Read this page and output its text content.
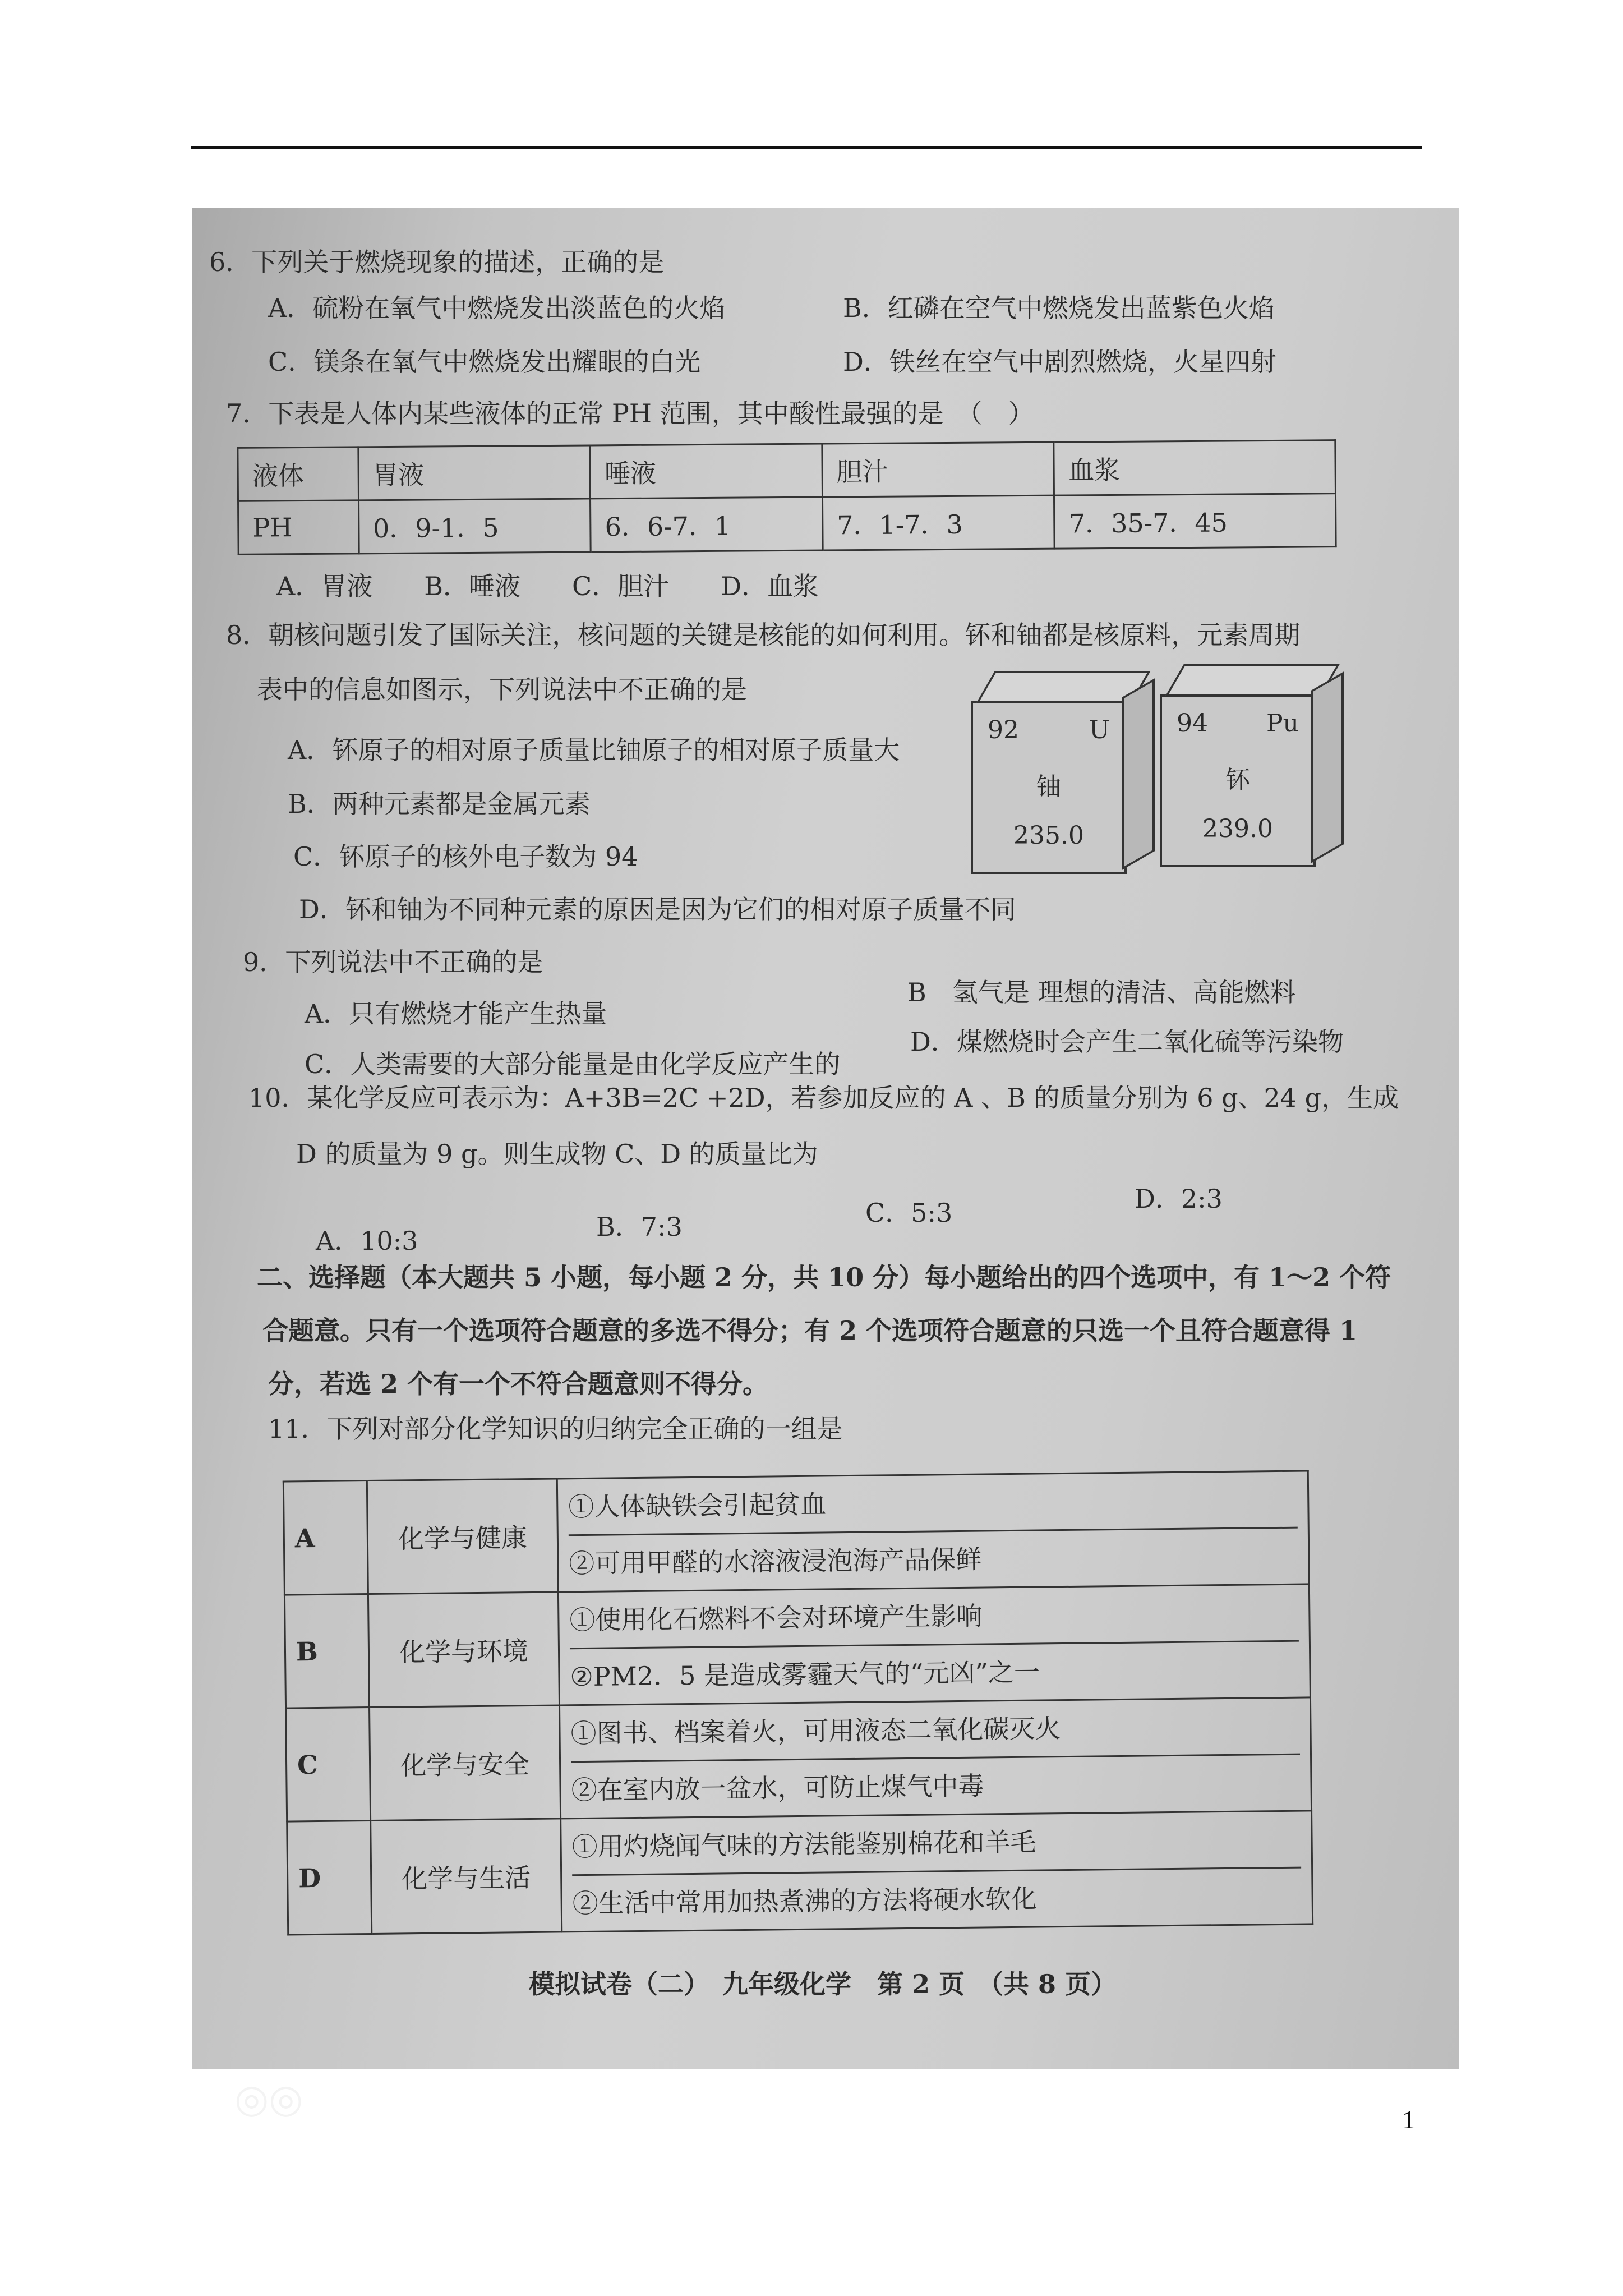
6．下列关于燃烧现象的描述，正确的是
A．硫粉在氧气中燃烧发出淡蓝色的火焰	B．红磷在空气中燃烧发出蓝紫色火焰
C．镁条在氧气中燃烧发出耀眼的白光	D．铁丝在空气中剧烈燃烧，火星四射
7．下表是人体内某些液体的正常 PH 范围，其中酸性最强的是　（　）
液体	胃液	唾液	胆汁	血浆
PH	0．9-1．5	6．6-7．1	7．1-7．3	7．35-7．45
A．胃液　　B．唾液　　C．胆汁　　D．血浆
8．朝核问题引发了国际关注，核问题的关键是核能的如何利用。钚和铀都是核原料，元素周期
表中的信息如图示，下列说法中不正确的是
A．钚原子的相对原子质量比铀原子的相对原子质量大
B．两种元素都是金属元素
C．钚原子的核外电子数为 94
D．钚和铀为不同种元素的原因是因为它们的相对原子质量不同
92	U
铀
235.0
94 Pu
钚
239.0
9．下列说法中不正确的是
A．只有燃烧才能产生热量
B　氢气是 理想的清洁、高能燃料
C．人类需要的大部分能量是由化学反应产生的
D．煤燃烧时会产生二氧化硫等污染物
10．某化学反应可表示为：A+3B=2C +2D，若参加反应的 A 、B 的质量分别为 6 g、24 g，生成
D 的质量为 9 g。则生成物 C、D 的质量比为
A．10:3	B．7:3	C．5:3	D．2:3
二、选择题（本大题共 5 小题，每小题 2 分，共 10 分）每小题给出的四个选项中，有 1～2 个符
合题意。只有一个选项符合题意的多选不得分；有 2 个选项符合题意的只选一个且符合题意得 1
分，若选 2 个有一个不符合题意则不得分。
11．下列对部分化学知识的归纳完全正确的一组是
A	化学与健康	①人体缺铁会引起贫血
②可用甲醛的水溶液浸泡海产品保鲜

B	化学与环境	①使用化石燃料不会对环境产生影响
②PM2．5 是造成雾霾天气的“元凶”之一

C	化学与安全	①图书、档案着火，可用液态二氧化碳灭火
②在室内放一盆水，可防止煤气中毒

D	化学与生活	①用灼烧闻气味的方法能鉴别棉花和羊毛
②生活中常用加热煮沸的方法将硬水软化
模拟试卷（二）　九年级化学　第 2 页　（共 8 页）
◎◎	1
